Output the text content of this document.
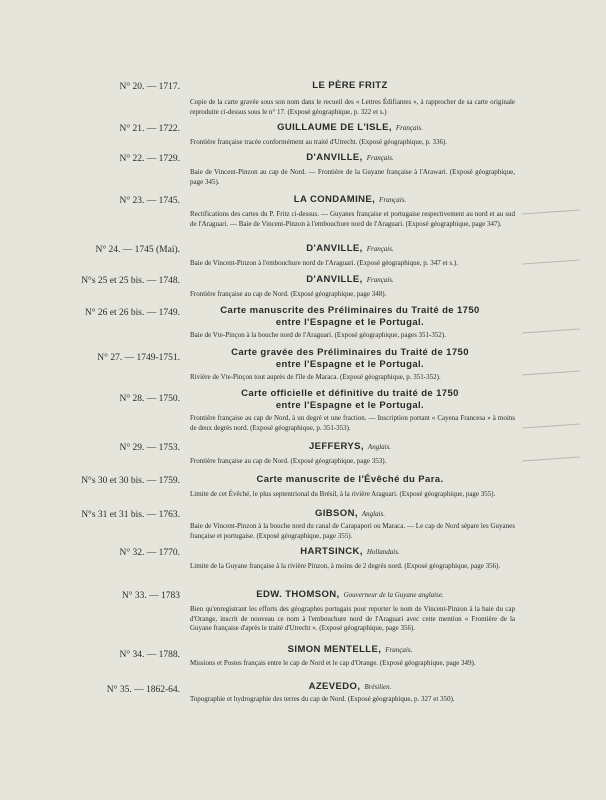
N° 20. — 1717.	LE PÈRE FRITZ
Copie de la carte gravée sous son nom dans le recueil des « Lettres Édifiantes », à rapprocher de sa carte originale reproduite ci-dessus sous le n° 17. (Exposé géographique, p. 322 et s.)
N° 21. — 1722.	GUILLAUME DE L'ISLE, Français.
Frontière française tracée conformément au traité d'Utrecht. (Exposé géographique, p. 336).
N° 22. — 1729.	D'ANVILLE, Français.
Baie de Vincent-Pinzon au cap de Nord. — Frontière de la Guyane française à l'Arawari. (Exposé géographique, page 345).
N° 23. — 1745.	LA CONDAMINE, Français.
Rectifications des cartes du P. Fritz ci-dessus. — Guyanes française et portugaise respectivement au nord et au sud de l'Araguari. — Baie de Vincent-Pinzon à l'embouchure nord de l'Araguari. (Exposé géographique, page 347).
N° 24. — 1745 (Mai).	D'ANVILLE, Français.
Baie de Vincent-Pinzon à l'embouchure nord de l'Araguari. (Exposé géographique, p. 347 et s.).
N°s 25 et 25 bis. — 1748.	D'ANVILLE, Français.
Frontière française au cap de Nord. (Exposé géographique, page 348).
N° 26 et 26 bis. — 1749.	Carte manuscrite des Préliminaires du Traité de 1750
entre l'Espagne et le Portugal.
Baie de Vte-Pinçon à la bouche nord de l'Araguari. (Exposé géographique, pages 351-352).
N° 27. — 1749-1751.	Carte gravée des Préliminaires du Traité de 1750
entre l'Espagne et le Portugal.
Rivière de Vte-Pinçon tout auprès de l'île de Maraca. (Exposé géographique, p. 351-352).
N° 28. — 1750.	Carte officielle et définitive du traité de 1750
entre l'Espagne et le Portugal.
Frontière française au cap de Nord, à un degré et une fraction. — Inscription portant « Cayena Francesa » à moins de deux degrés nord. (Exposé géographique, p. 351-353).
N° 29. — 1753.	JEFFERYS, Anglais.
Frontière française au cap de Nord. (Exposé géographique, page 353).
N°s 30 et 30 bis. — 1759.	Carte manuscrite de l'Évêché du Para.
Limite de cet Évêché, le plus septentrional du Brésil, à la rivière Araguari. (Exposé géographique, page 355).
N°s 31 et 31 bis. — 1763.	GIBSON, Anglais.
Baie de Vincent-Pinzon à la bouche nord du canal de Carapapori ou Maraca. — Le cap de Nord sépare les Guyanes française et portugaise. (Exposé géographique, page 355).
N° 32. — 1770.	HARTSINCK, Hollandais.
Limite de la Guyane française à la rivière Pinzon, à moins de 2 degrés nord. (Exposé géographique, page 356).
N° 33. — 1783	EDW. THOMSON, Gouverneur de la Guyane anglaise.
Bien qu'enregistrant les efforts des géographes portugais pour reporter le nom de Vincent-Pinzon à la baie du cap d'Orange, inscrit de nouveau ce nom à l'embouchure nord de l'Araguari avec cette mention « Frontière de la Guyane française d'après le traité d'Utrecht ». (Exposé géographique, page 356).
N° 34. — 1788.	SIMON MENTELLE, Français.
Missions et Postes français entre le cap de Nord et le cap d'Orange. (Exposé géographique, page 349).
N° 35. — 1862-64.	AZEVEDO, Brésilien.
Topographie et hydrographie des terres du cap de Nord. (Exposé géographique, p. 327 et 350).
